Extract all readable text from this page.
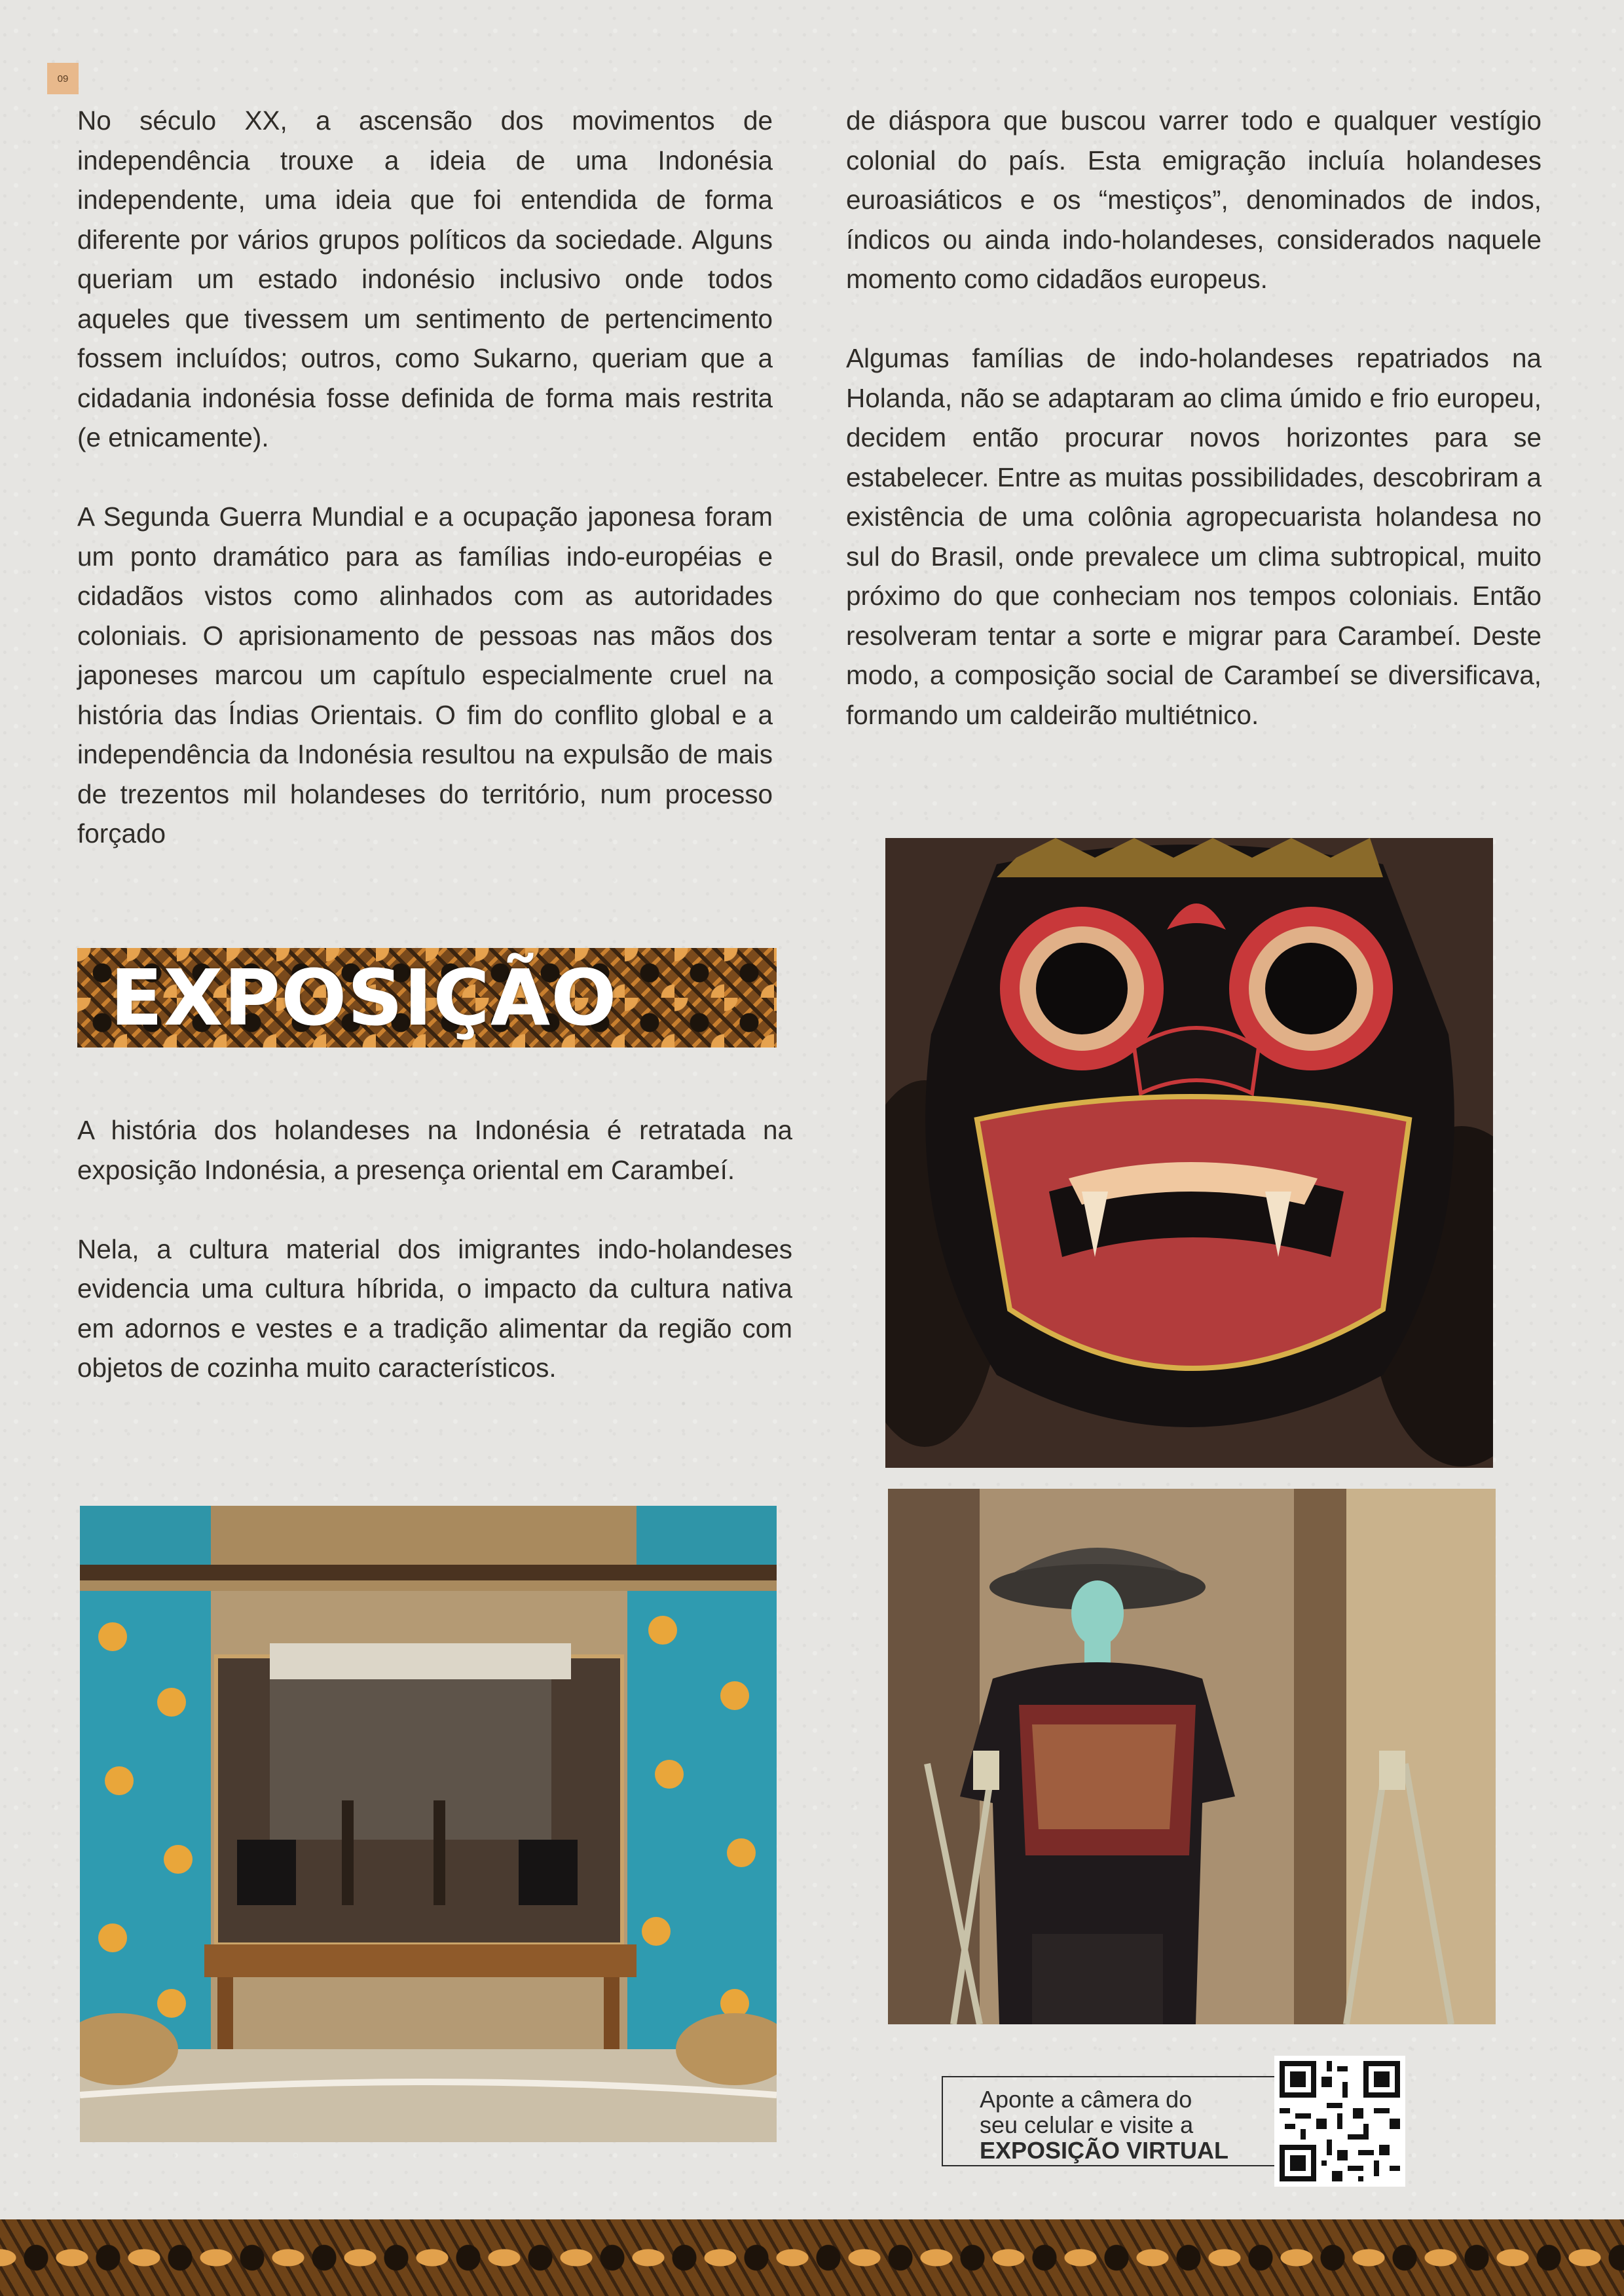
09

No século XX, a ascensão dos movimentos de independência trouxe a ideia de uma Indonésia independente, uma ideia que foi entendida de forma diferente por vários grupos políticos da sociedade. Alguns queriam um estado indonésio inclusivo onde todos aqueles que tivessem um sentimento de pertencimento fossem incluídos; outros, como Sukarno, queriam que a cidadania indonésia fosse definida de forma mais restrita (e etnicamente).

A Segunda Guerra Mundial e a ocupação japonesa foram um ponto dramático para as famílias indo-européias e cidadãos vistos como alinhados com as autoridades coloniais. O aprisionamento de pessoas nas mãos dos japoneses marcou um capítulo especialmente cruel na história das Índias Orientais. O fim do conflito global e a independência da Indonésia resultou na expulsão de mais de trezentos mil holandeses do território, num processo forçado

de diáspora que buscou varrer todo e qualquer vestígio colonial do país. Esta emigração incluía holandeses euroasiáticos e os “mestiços”, denominados de indos, índicos ou ainda indo-holandeses, considerados naquele momento como cidadãos europeus.

Algumas famílias de indo-holandeses repatriados na Holanda, não se adaptaram ao clima úmido e frio europeu, decidem então procurar novos horizontes para se estabelecer. Entre as muitas possibilidades, descobriram a existência de uma colônia agropecuarista holandesa no sul do Brasil, onde prevalece um clima subtropical, muito próximo do que conheciam nos tempos coloniais. Então resolveram tentar a sorte e migrar para Carambeí. Deste modo, a composição social de Carambeí se diversificava, formando um caldeirão multiétnico.

EXPOSIÇÃO

A história dos holandeses na Indonésia é retratada na exposição Indonésia, a presença oriental em Carambeí.

Nela, a cultura material dos imigrantes indo-holandeses evidencia uma cultura híbrida, o impacto da cultura nativa em adornos e vestes e a tradição alimentar da região com objetos de cozinha muito característicos.

Aponte a câmera do
seu celular e visite a
EXPOSIÇÃO VIRTUAL
